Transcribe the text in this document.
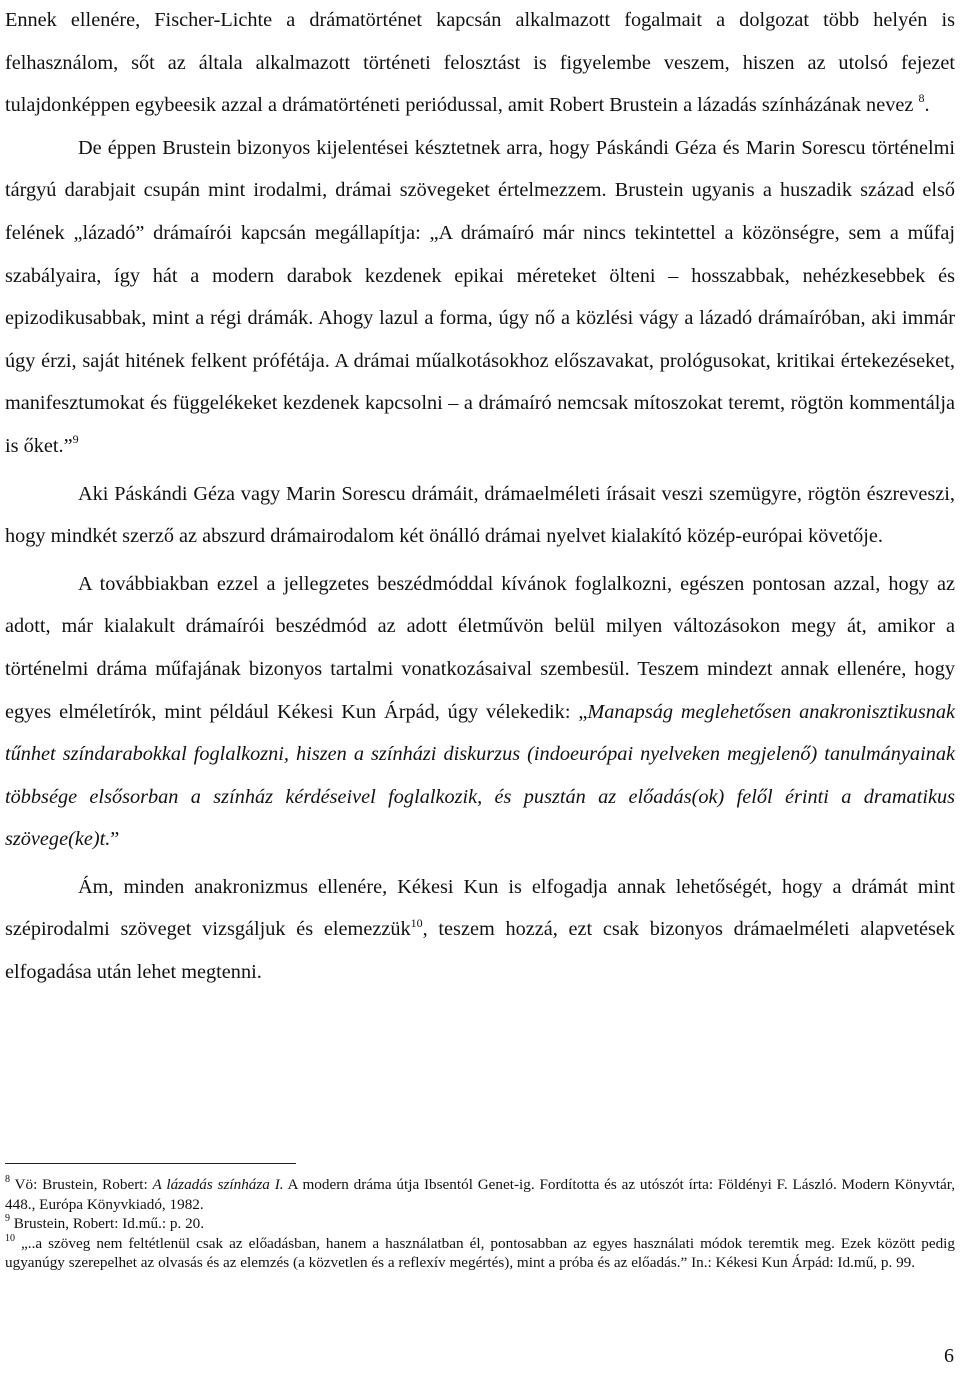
Ennek ellenére, Fischer-Lichte a drámatörténet kapcsán alkalmazott fogalmait a dolgozat több helyén is felhasználom, sőt az általa alkalmazott történeti felosztást is figyelembe veszem, hiszen az utolsó fejezet tulajdonképpen egybeesik azzal a drámatörténeti periódussal, amit Robert Brustein a lázadás színházának nevez $^8$.

De éppen Brustein bizonyos kijelentései késztetnek arra, hogy Páskándi Géza és Marin Sorescu történelmi tárgyú darabjait csupán mint irodalmi, drámai szövegeket értelmezzem. Brustein ugyanis a huszadik század első felének „lázadó” drámaírói kapcsán megállapítja: „A drámaíró már nincs tekintettel a közönségre, sem a műfaj szabályaira, így hát a modern darabok kezdenek epikai méreteket ölteni – hosszabbak, nehézkesebbek és epizodikusabbak, mint a régi drámák. Ahogy lazul a forma, úgy nő a közlési vágy a lázadó drámaíróban, aki immár úgy érzi, saját hitének felkent prófétája. A drámai műalkotásokhoz előszavakat, prológusokat, kritikai értekezéseket, manifesztumokat és függelékeket kezdenek kapcsolni – a drámaíró nemcsak mítoszokat teremt, rögtön kommentálja is őket.”$^9$

Aki Páskándi Géza vagy Marin Sorescu drámáit, drámaelméleti írásait veszi szemügyre, rögtön észreveszi, hogy mindkét szerző az abszurd drámairodalom két önálló drámai nyelvet kialakító közép-európai követője.

A továbbiakban ezzel a jellegzetes beszédmóddal kívánok foglalkozni, egészen pontosan azzal, hogy az adott, már kialakult drámaírói beszédmód az adott életművön belül milyen változásokon megy át, amikor a történelmi dráma műfajának bizonyos tartalmi vonatkozásaival szembesül. Teszem mindezt annak ellenére, hogy egyes elméletírók, mint például Kékesi Kun Árpád, úgy vélekedik: „Manapság meglehetősen anakronisztikusnak tűnhet színdarabokkal foglalkozni, hiszen a színházi diskurzus (indoeurópai nyelveken megjelenő) tanulmányainak többsége elsősorban a színház kérdéseivel foglalkozik, és pusztán az előadás(ok) felől érinti a dramatikus szövege(ke)t.”

Ám, minden anakronizmus ellenére, Kékesi Kun is elfogadja annak lehetőségét, hogy a drámát mint szépirodalmi szöveget vizsgáljuk és elemezzük$^{10}$, teszem hozzá, ezt csak bizonyos drámaelméleti alapvetések elfogadása után lehet megtenni.

$^8$ Vö: Brustein, Robert: A lázadás színháza I. A modern dráma útja Ibsentól Genet-ig. Fordította és az utószót írta: Földényi F. László. Modern Könyvtár, 448., Európa Könyvkiadó, 1982.

$^9$ Brustein, Robert: Id.mű.: p. 20.

$^{10}$ „..a szöveg nem feltétlenül csak az előadásban, hanem a használatban él, pontosabban az egyes használati módok teremtik meg. Ezek között pedig ugyanúgy szerepelhet az olvasás és az elemzés (a közvetlen és a reflexív megértés), mint a próba és az előadás.” In.: Kékesi Kun Árpád: Id.mű, p. 99.

6
